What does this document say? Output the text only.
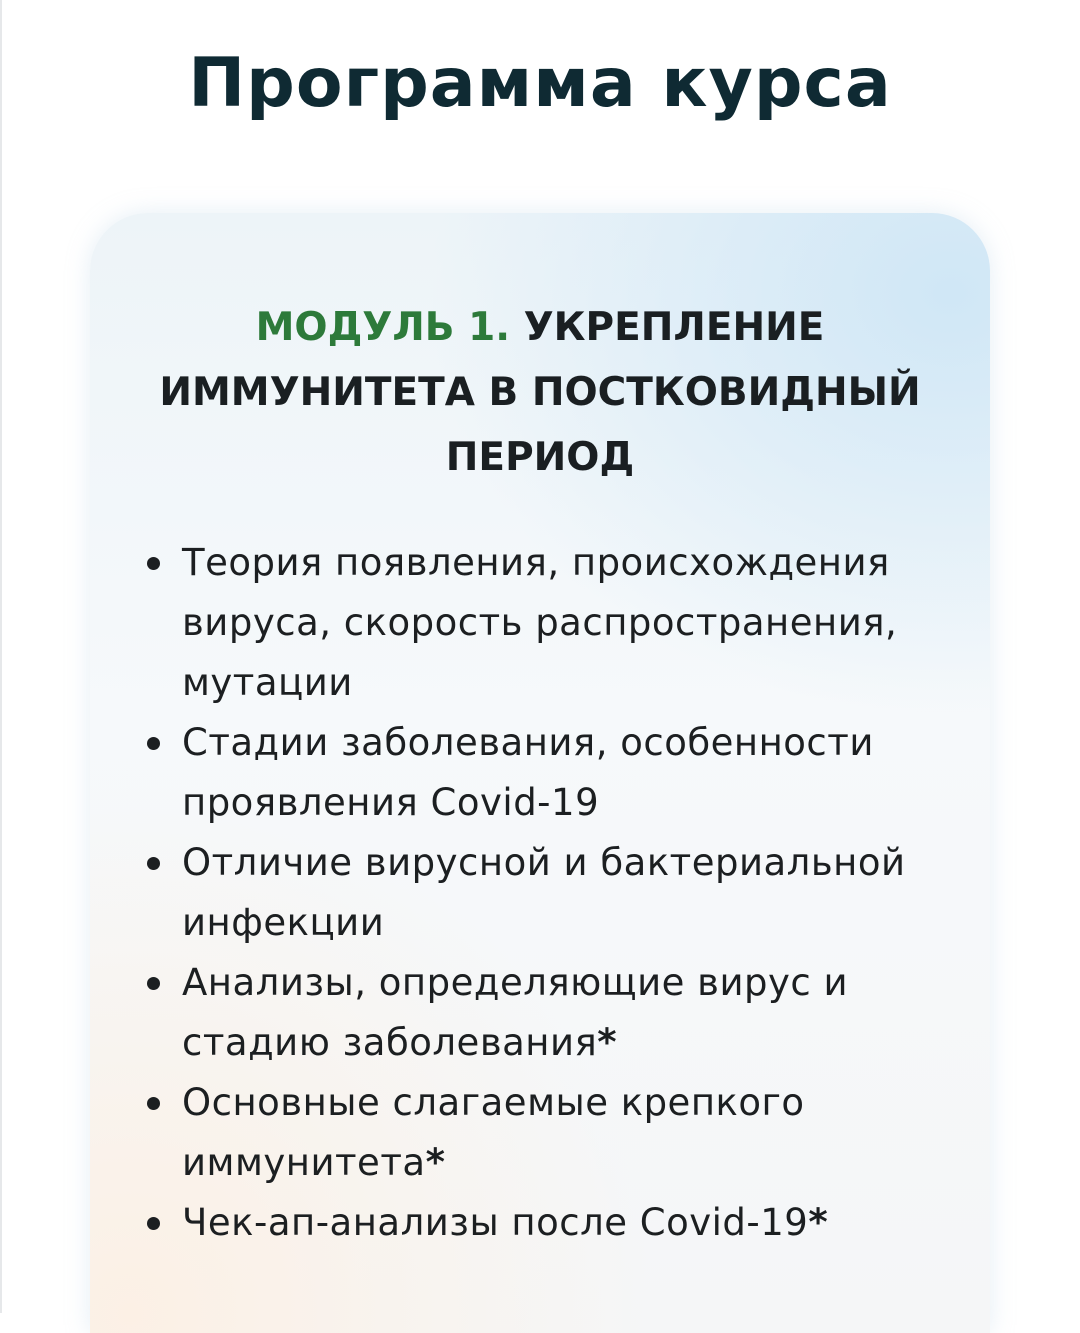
Программа курса
МОДУЛЬ 1. УКРЕПЛЕНИЕ ИММУНИТЕТА В ПОСТКОВИДНЫЙ ПЕРИОД
Теория появления, происхождения вируса, скорость распространения, мутации
Стадии заболевания, особенности проявления Covid-19
Отличие вирусной и бактериальной инфекции
Анализы, определяющие вирус и стадию заболевания*
Основные слагаемые крепкого иммунитета*
Чек-ап-анализы после Covid-19*
